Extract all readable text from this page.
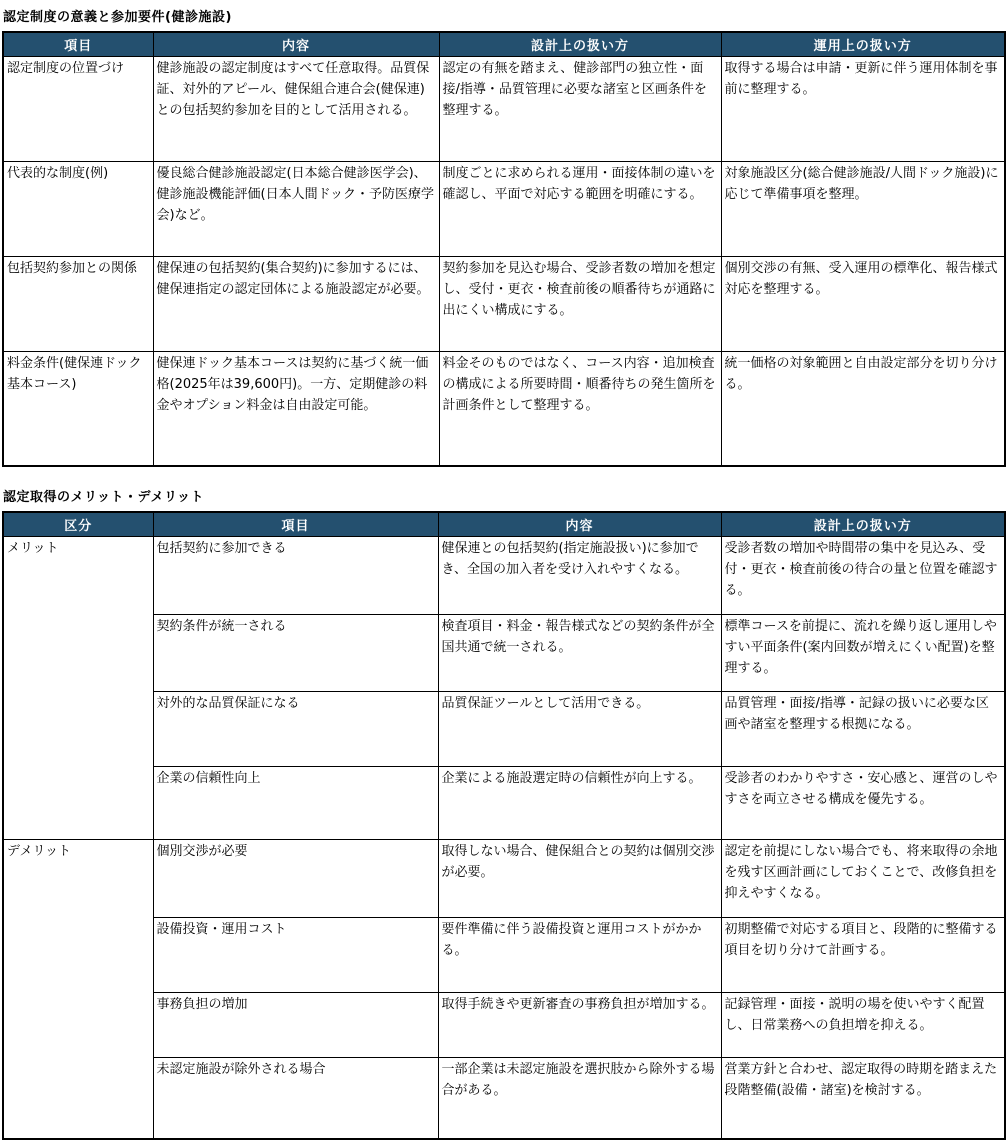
認定制度の意義と参加要件(健診施設)
項目	内容	設計上の扱い方	運用上の扱い方
認定制度の位置づけ	健診施設の認定制度はすべて任意取得。品質保証、対外的アピール、健保組合連合会(健保連)との包括契約参加を目的として活用される。	認定の有無を踏まえ、健診部門の独立性・面接/指導・品質管理に必要な諸室と区画条件を整理する。	取得する場合は申請・更新に伴う運用体制を事前に整理する。
代表的な制度(例)	優良総合健診施設認定(日本総合健診医学会)、健診施設機能評価(日本人間ドック・予防医療学会)など。	制度ごとに求められる運用・面接体制の違いを確認し、平面で対応する範囲を明確にする。	対象施設区分(総合健診施設/人間ドック施設)に応じて準備事項を整理。
包括契約参加との関係	健保連の包括契約(集合契約)に参加するには、健保連指定の認定団体による施設認定が必要。	契約参加を見込む場合、受診者数の増加を想定し、受付・更衣・検査前後の順番待ちが通路に出にくい構成にする。	個別交渉の有無、受入運用の標準化、報告様式対応を整理する。
料金条件(健保連ドック基本コース)	健保連ドック基本コースは契約に基づく統一価格(2025年は39,600円)。一方、定期健診の料金やオプション料金は自由設定可能。	料金そのものではなく、コース内容・追加検査の構成による所要時間・順番待ちの発生箇所を計画条件として整理する。	統一価格の対象範囲と自由設定部分を切り分ける。
認定取得のメリット・デメリット
区分	項目	内容	設計上の扱い方
メリット	包括契約に参加できる	健保連との包括契約(指定施設扱い)に参加でき、全国の加入者を受け入れやすくなる。	受診者数の増加や時間帯の集中を見込み、受付・更衣・検査前後の待合の量と位置を確認する。
	契約条件が統一される	検査項目・料金・報告様式などの契約条件が全国共通で統一される。	標準コースを前提に、流れを繰り返し運用しやすい平面条件(案内回数が増えにくい配置)を整理する。
	対外的な品質保証になる	品質保証ツールとして活用できる。	品質管理・面接/指導・記録の扱いに必要な区画や諸室を整理する根拠になる。
	企業の信頼性向上	企業による施設選定時の信頼性が向上する。	受診者のわかりやすさ・安心感と、運営のしやすさを両立させる構成を優先する。
デメリット	個別交渉が必要	取得しない場合、健保組合との契約は個別交渉が必要。	認定を前提にしない場合でも、将来取得の余地を残す区画計画にしておくことで、改修負担を抑えやすくなる。
	設備投資・運用コスト	要件準備に伴う設備投資と運用コストがかかる。	初期整備で対応する項目と、段階的に整備する項目を切り分けて計画する。
	事務負担の増加	取得手続きや更新審査の事務負担が増加する。	記録管理・面接・説明の場を使いやすく配置し、日常業務への負担増を抑える。
	未認定施設が除外される場合	一部企業は未認定施設を選択肢から除外する場合がある。	営業方針と合わせ、認定取得の時期を踏まえた段階整備(設備・諸室)を検討する。
